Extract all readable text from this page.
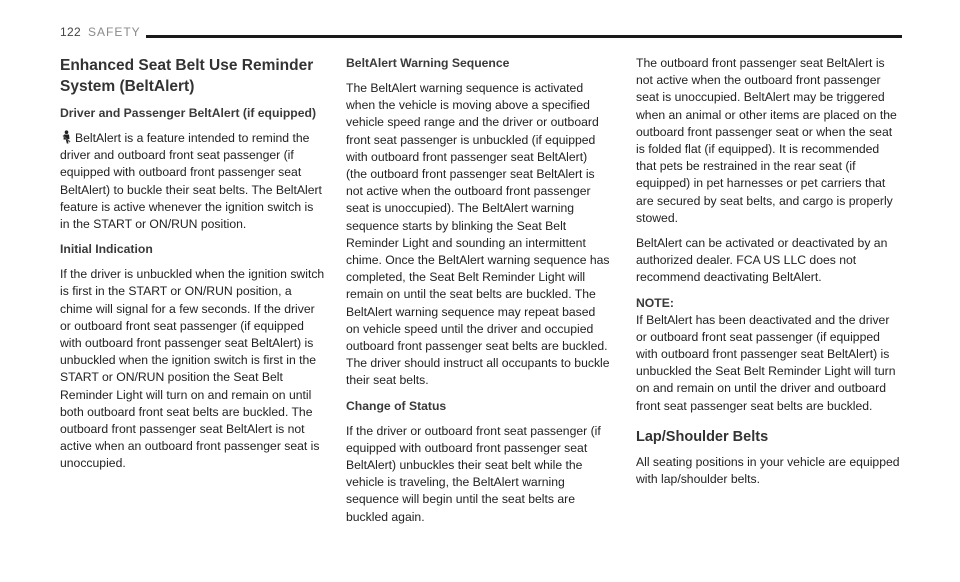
122 SAFETY
Enhanced Seat Belt Use Reminder System (BeltAlert)
Driver and Passenger BeltAlert (if equipped)
BeltAlert is a feature intended to remind the driver and outboard front seat passenger (if equipped with outboard front passenger seat BeltAlert) to buckle their seat belts. The BeltAlert feature is active whenever the ignition switch is in the START or ON/RUN position.
Initial Indication
If the driver is unbuckled when the ignition switch is first in the START or ON/RUN position, a chime will signal for a few seconds. If the driver or outboard front seat passenger (if equipped with outboard front passenger seat BeltAlert) is unbuckled when the ignition switch is first in the START or ON/RUN position the Seat Belt Reminder Light will turn on and remain on until both outboard front seat belts are buckled. The outboard front passenger seat BeltAlert is not active when an outboard front passenger seat is unoccupied.
BeltAlert Warning Sequence
The BeltAlert warning sequence is activated when the vehicle is moving above a specified vehicle speed range and the driver or outboard front seat passenger is unbuckled (if equipped with outboard front passenger seat BeltAlert) (the outboard front passenger seat BeltAlert is not active when the outboard front passenger seat is unoccupied). The BeltAlert warning sequence starts by blinking the Seat Belt Reminder Light and sounding an intermittent chime. Once the BeltAlert warning sequence has completed, the Seat Belt Reminder Light will remain on until the seat belts are buckled. The BeltAlert warning sequence may repeat based on vehicle speed until the driver and occupied outboard front passenger seat belts are buckled. The driver should instruct all occupants to buckle their seat belts.
Change of Status
If the driver or outboard front seat passenger (if equipped with outboard front passenger seat BeltAlert) unbuckles their seat belt while the vehicle is traveling, the BeltAlert warning sequence will begin until the seat belts are buckled again.
The outboard front passenger seat BeltAlert is not active when the outboard front passenger seat is unoccupied. BeltAlert may be triggered when an animal or other items are placed on the outboard front passenger seat or when the seat is folded flat (if equipped). It is recommended that pets be restrained in the rear seat (if equipped) in pet harnesses or pet carriers that are secured by seat belts, and cargo is properly stowed.
BeltAlert can be activated or deactivated by an authorized dealer. FCA US LLC does not recommend deactivating BeltAlert.
NOTE:
If BeltAlert has been deactivated and the driver or outboard front seat passenger (if equipped with outboard front passenger seat BeltAlert) is unbuckled the Seat Belt Reminder Light will turn on and remain on until the driver and outboard front seat passenger seat belts are buckled.
Lap/Shoulder Belts
All seating positions in your vehicle are equipped with lap/shoulder belts.
